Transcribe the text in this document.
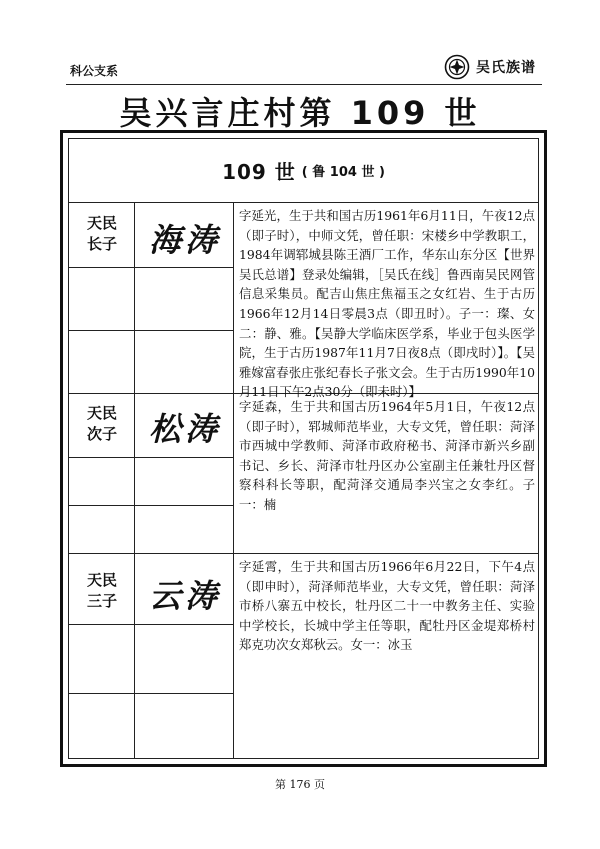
科公支系	吴氏族谱
吴兴言庄村第 109 世
109 世 ( 鲁 104 世 )
天民
长子	海涛
字延光，生于共和国古历1961年6月11日，午夜12点（即子时），中师文凭，曾任职：宋楼乡中学教职工，1984年调郓城县陈王酒厂工作，华东山东分区【世界吴氏总谱】登录处编辑，［吴氏在线］鲁西南吴民网管信息采集员。配吉山焦庄焦福玉之女红岩、生于古历1966年12月14日零晨3点（即丑时）。子一：璨、女二：静、雅。【吴静大学临床医学系，毕业于包头医学院，生于古历1987年11月7日夜8点（即戌时）】。【吴雅嫁富春张庄张纪春长子张文会。生于古历1990年10月11日下午2点30分（即未时）】
天民
次子	松涛
字延森，生于共和国古历1964年5月1日，午夜12点（即子时），郓城师范毕业，大专文凭，曾任职：菏泽市西城中学教师、菏泽市政府秘书、菏泽市新兴乡副书记、乡长、菏泽市牡丹区办公室副主任兼牡丹区督察科科长等职，配菏泽交通局李兴宝之女李红。子一：楠
天民
三子	云涛
字延霄，生于共和国古历1966年6月22日，下午4点（即申时），菏泽师范毕业，大专文凭，曾任职：菏泽市桥八寨五中校长，牡丹区二十一中教务主任、实验中学校长，长城中学主任等职，配牡丹区金堤郑桥村郑克功次女郑秋云。女一：冰玉
第 176 页
